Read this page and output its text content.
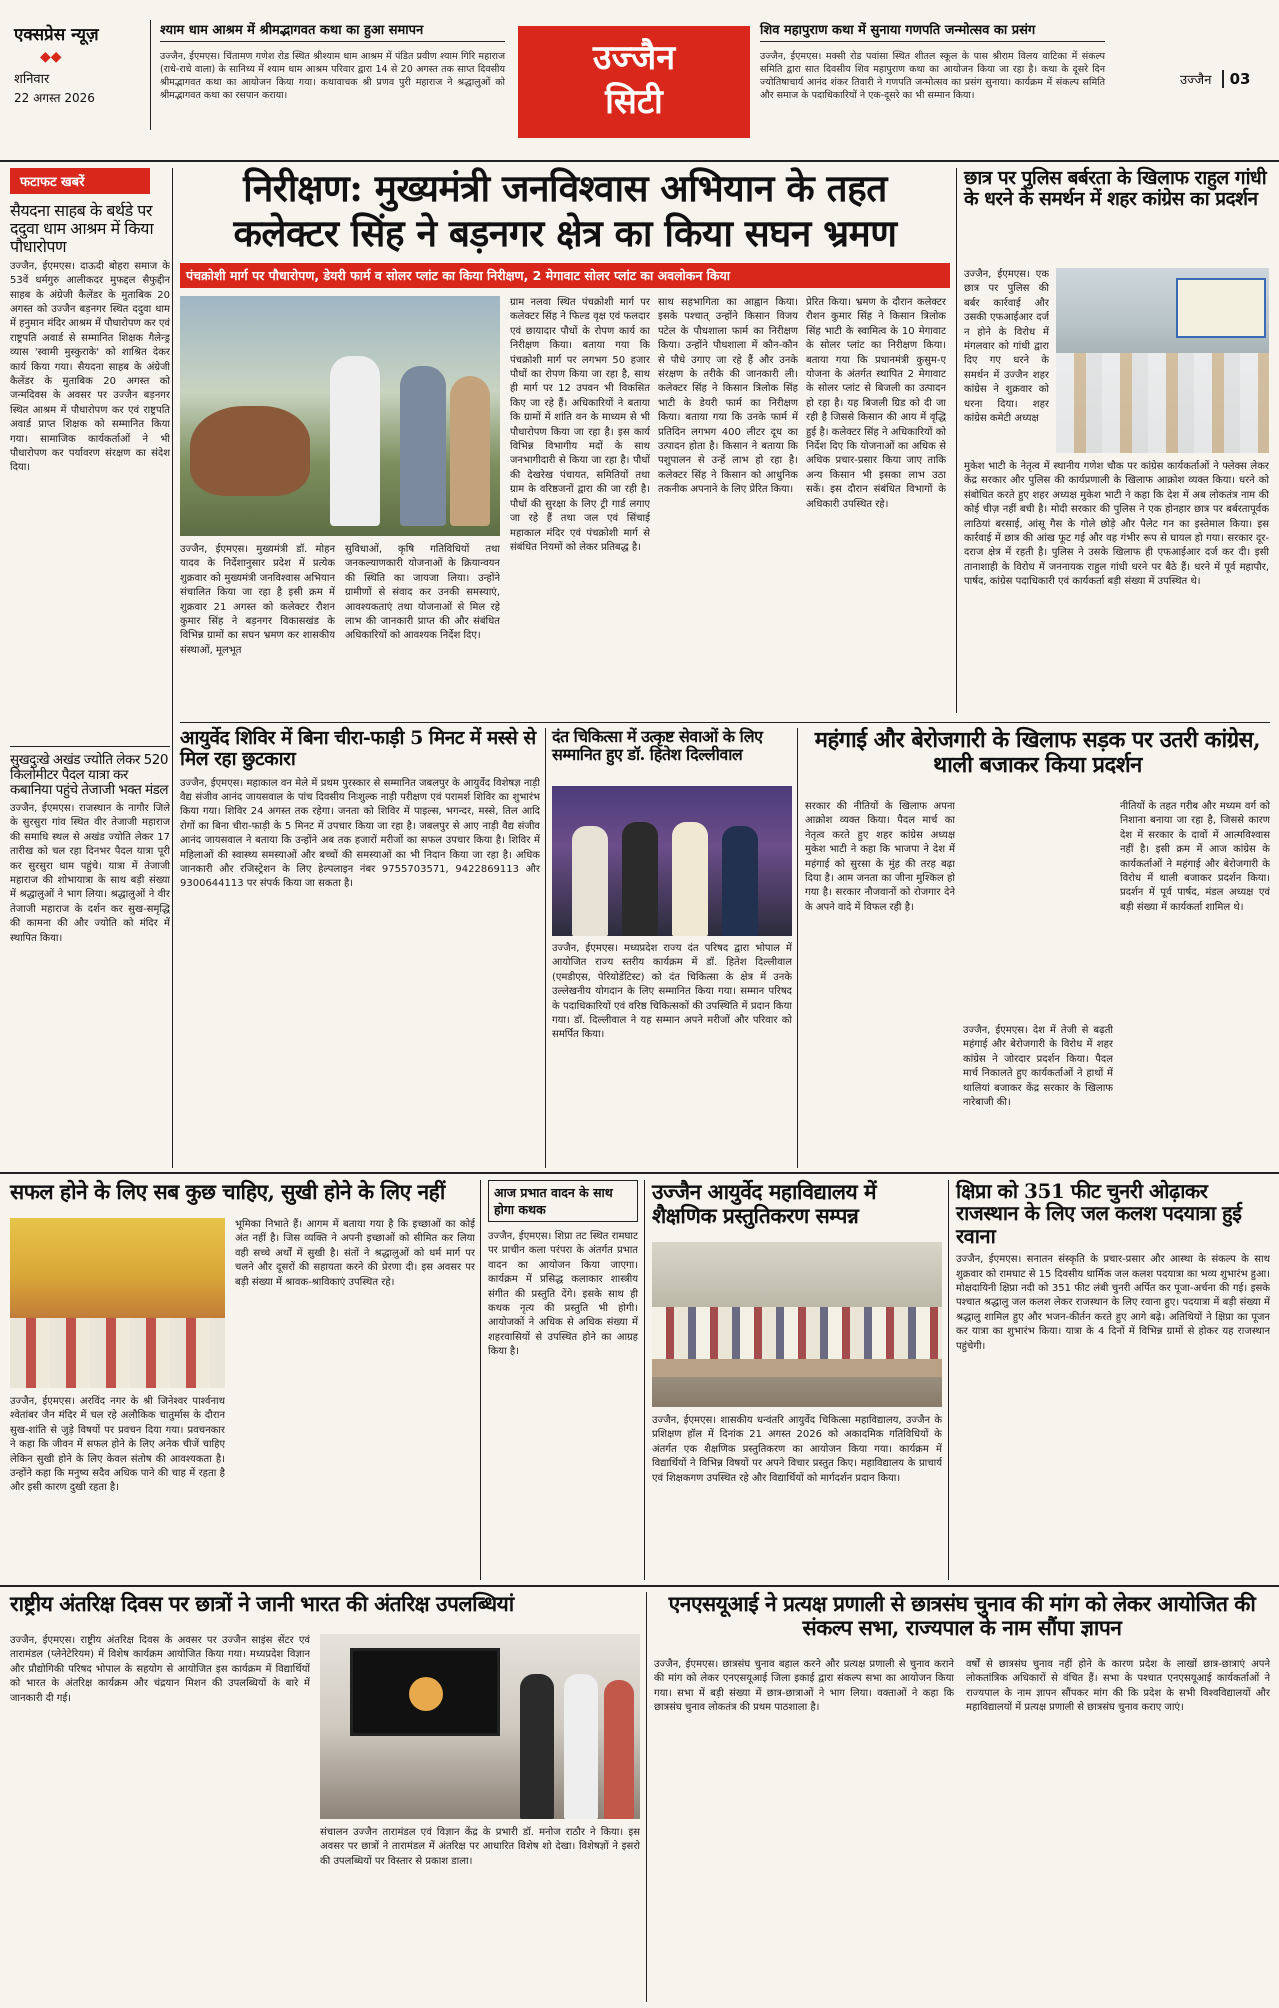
एक्सप्रेस न्यूज़
◆◆
शनिवार
22 अगस्त 2026
श्याम धाम आश्रम में श्रीमद्भागवत कथा का हुआ समापन
उज्जैन, ईएमएस। चिंतामण गणेश रोड स्थित श्रीश्याम धाम आश्रम में पंडित प्रवीण श्याम गिरि महाराज (राधे-राधे वाला) के सानिध्य में श्याम धाम आश्रम परिवार द्वारा 14 से 20 अगस्त तक साप्त दिवसीय श्रीमद्भागवत कथा का आयोजन किया गया। कथावाचक श्री प्रणव पुरी महाराज ने श्रद्धालुओं को श्रीमद्भागवत कथा का रसपान कराया।
उज्जैन
सिटी
शिव महापुराण कथा में सुनाया गणपति जन्मोत्सव का प्रसंग
उज्जैन, ईएमएस। मक्सी रोड पवांसा स्थित शीतल स्कूल के पास श्रीराम विलय वाटिका में संकल्प समिति द्वारा सात दिवसीय शिव महापुराण कथा का आयोजन किया जा रहा है। कथा के दूसरे दिन ज्योतिषाचार्य आनंद शंकर तिवारी ने गणपति जन्मोत्सव का प्रसंग सुनाया। कार्यक्रम में संकल्प समिति और समाज के पदाधिकारियों ने एक-दूसरे का भी सम्मान किया।
उज्जैन 03
फटाफट खबरें
सैयदना साहब के बर्थडे पर ददुवा धाम आश्रम में किया पौधारोपण
उज्जैन, ईएमएस। दाऊदी बोहरा समाज के 53वें धर्मगुरु आलीकदर मुफद्दल सैफुद्दीन साहब के अंग्रेजी कैलेंडर के मुताबिक 20 अगस्त को उज्जैन बड़नगर स्थित ददुवा धाम में हनुमान मंदिर आश्रम में पौधारोपण कर एवं राष्ट्रपति अवार्ड से सम्मानित शिक्षक गैलेन्ड्र व्यास 'स्वामी मुस्कुराके' को शाश्रित देकर कार्य किया गया। सैयदना साहब के अंग्रेजी कैलेंडर के मुताबिक 20 अगस्त को जन्मदिवस के अवसर पर उज्जैन बड़नगर स्थित आश्रम में पौधारोपण कर एवं राष्ट्रपति अवार्ड प्राप्त शिक्षक को सम्मानित किया गया। सामाजिक कार्यकर्ताओं ने भी पौधारोपण कर पर्यावरण संरक्षण का संदेश दिया।
सुखदुःखे अखंड ज्योति लेकर 520 किलोमीटर पैदल यात्रा कर कबानिया पहुंचे तेजाजी भक्त मंडल
उज्जैन, ईएमएस। राजस्थान के नागौर जिले के सुरसुरा गांव स्थित वीर तेजाजी महाराज की समाधि स्थल से अखंड ज्योति लेकर 17 तारीख को चल रहा दिनभर पैदल यात्रा पूरी कर सुरसुरा धाम पहुंचे। यात्रा में तेजाजी महाराज की शोभायात्रा के साथ बड़ी संख्या में श्रद्धालुओं ने भाग लिया। श्रद्धालुओं ने वीर तेजाजी महाराज के दर्शन कर सुख-समृद्धि की कामना की और ज्योति को मंदिर में स्थापित किया।
निरीक्षण: मुख्यमंत्री जनविश्वास अभियान के तहत
कलेक्टर सिंह ने बड़नगर क्षेत्र का किया सघन भ्रमण
पंचक्रोशी मार्ग पर पौधारोपण, डेयरी फार्म व सोलर प्लांट का किया निरीक्षण, 2 मेगावाट सोलर प्लांट का अवलोकन किया
उज्जैन, ईएमएस। मुख्यमंत्री डॉ. मोहन यादव के निर्देशानुसार प्रदेश में प्रत्येक शुक्रवार को मुख्यमंत्री जनविश्वास अभियान संचालित किया जा रहा है इसी क्रम में शुक्रवार 21 अगस्त को कलेक्टर रौशन कुमार सिंह ने बड़नगर विकासखंड के विभिन्न ग्रामों का सघन भ्रमण कर शासकीय संस्थाओं, मूलभूत
सुविधाओं, कृषि गतिविधियों तथा जनकल्याणकारी योजनाओं के क्रियान्वयन की स्थिति का जायजा लिया। उन्होंने ग्रामीणों से संवाद कर उनकी समस्याएं, आवश्यकताएं तथा योजनाओं से मिल रहे लाभ की जानकारी प्राप्त की और संबंधित अधिकारियों को आवश्यक निर्देश दिए।
ग्राम नलवा स्थित पंचक्रोशी मार्ग पर कलेक्टर सिंह ने फिल्ड वृक्ष एवं फलदार एवं छायादार पौधों के रोपण कार्य का निरीक्षण किया। बताया गया कि पंचक्रोशी मार्ग पर लगभग 50 हजार पौधों का रोपण किया जा रहा है, साथ ही मार्ग पर 12 उपवन भी विकसित किए जा रहे हैं। अधिकारियों ने बताया कि ग्रामों में शांति वन के माध्यम से भी पौधारोपण किया जा रहा है। इस कार्य विभिन्न विभागीय मदों के साथ जनभागीदारी से किया जा रहा है। पौधों की देखरेख पंचायत, समितियों तथा ग्राम के वरिष्ठजनों द्वारा की जा रही है। पौधों की सुरक्षा के लिए ट्री गार्ड लगाए जा रहे हैं तथा जल एवं सिंचाई महाकाल मंदिर एवं पंचक्रोशी मार्ग से संबंधित नियमों को लेकर प्रतिबद्ध है।
साथ सहभागिता का आह्वान किया। इसके पश्चात् उन्होंने किसान विजय पटेल के पौधशाला फार्म का निरीक्षण किया। उन्होंने पौधशाला में कौन-कौन से पौधे उगाए जा रहे हैं और उनके संरक्षण के तरीके की जानकारी ली। कलेक्टर सिंह ने किसान त्रिलोक सिंह भाटी के डेयरी फार्म का निरीक्षण किया। बताया गया कि उनके फार्म में प्रतिदिन लगभग 400 लीटर दूध का उत्पादन होता है। किसान ने बताया कि पशुपालन से उन्हें लाभ हो रहा है। कलेक्टर सिंह ने किसान को आधुनिक तकनीक अपनाने के लिए प्रेरित किया।
प्रेरित किया। भ्रमण के दौरान कलेक्टर रौशन कुमार सिंह ने किसान त्रिलोक सिंह भाटी के स्वामित्व के 10 मेगावाट के सोलर प्लांट का निरीक्षण किया। बताया गया कि प्रधानमंत्री कुसुम-ए योजना के अंतर्गत स्थापित 2 मेगावाट के सोलर प्लांट से बिजली का उत्पादन हो रहा है। यह बिजली ग्रिड को दी जा रही है जिससे किसान की आय में वृद्धि हुई है। कलेक्टर सिंह ने अधिकारियों को निर्देश दिए कि योजनाओं का अधिक से अधिक प्रचार-प्रसार किया जाए ताकि अन्य किसान भी इसका लाभ उठा सकें। इस दौरान संबंधित विभागों के अधिकारी उपस्थित रहे।
छात्र पर पुलिस बर्बरता के खिलाफ राहुल गांधी के धरने के समर्थन में शहर कांग्रेस का प्रदर्शन
उज्जैन, ईएमएस। एक छात्र पर पुलिस की बर्बर कार्रवाई और उसकी एफआईआर दर्ज न होने के विरोध में मंगलवार को गांधी द्वारा दिए गए धरने के समर्थन में उज्जैन शहर कांग्रेस ने शुक्रवार को धरना दिया। शहर कांग्रेस कमेटी अध्यक्ष
मुकेश भाटी के नेतृत्व में स्थानीय गणेश चौक पर कांग्रेस कार्यकर्ताओं ने फ्लेक्स लेकर केंद्र सरकार और पुलिस की कार्यप्रणाली के खिलाफ आक्रोश व्यक्त किया। धरने को संबोधित करते हुए शहर अध्यक्ष मुकेश भाटी ने कहा कि देश में अब लोकतंत्र नाम की कोई चीज़ नहीं बची है। मोदी सरकार की पुलिस ने एक होनहार छात्र पर बर्बरतापूर्वक लाठियां बरसाई, आंसू गैस के गोले छोड़े और पैलेट गन का इस्तेमाल किया। इस कार्रवाई में छात्र की आंख फूट गई और वह गंभीर रूप से घायल हो गया। सरकार दूर-दराज क्षेत्र में रहती है। पुलिस ने उसके खिलाफ ही एफआईआर दर्ज कर दी। इसी तानाशाही के विरोध में जननायक राहुल गांधी धरने पर बैठे हैं। धरने में पूर्व महापौर, पार्षद, कांग्रेस पदाधिकारी एवं कार्यकर्ता बड़ी संख्या में उपस्थित थे।
आयुर्वेद शिविर में बिना चीरा-फाड़ी 5 मिनट में मस्से से मिल रहा छुटकारा
उज्जैन, ईएमएस। महाकाल वन मेले में प्रथम पुरस्कार से सम्मानित जबलपुर के आयुर्वेद विशेषज्ञ नाड़ी वैद्य संजीव आनंद जायसवाल के पांच दिवसीय निःशुल्क नाड़ी परीक्षण एवं परामर्श शिविर का शुभारंभ किया गया। शिविर 24 अगस्त तक रहेगा। जनता को शिविर में पाइल्स, भगन्दर, मस्से, तिल आदि रोगों का बिना चीरा-फाड़ी के 5 मिनट में उपचार किया जा रहा है। जबलपुर से आए नाड़ी वैद्य संजीव आनंद जायसवाल ने बताया कि उन्होंने अब तक हजारों मरीजों का सफल उपचार किया है। शिविर में महिलाओं की स्वास्थ्य समस्याओं और बच्चों की समस्याओं का भी निदान किया जा रहा है। अधिक जानकारी और रजिस्ट्रेशन के लिए हेल्पलाइन नंबर 9755703571, 9422869113 और 9300644113 पर संपर्क किया जा सकता है।
दंत चिकित्सा में उत्कृष्ट सेवाओं के लिए सम्मानित हुए डॉ. हितेश दिल्लीवाल
उज्जैन, ईएमएस। मध्यप्रदेश राज्य दंत परिषद द्वारा भोपाल में आयोजित राज्य स्तरीय कार्यक्रम में डॉ. हितेश दिल्लीवाल (एमडीएस, पेरियोडेंटिस्ट) को दंत चिकित्सा के क्षेत्र में उनके उल्लेखनीय योगदान के लिए सम्मानित किया गया। सम्मान परिषद के पदाधिकारियों एवं वरिष्ठ चिकित्सकों की उपस्थिति में प्रदान किया गया। डॉ. दिल्लीवाल ने यह सम्मान अपने मरीजों और परिवार को समर्पित किया।
महंगाई और बेरोजगारी के खिलाफ सड़क पर उतरी कांग्रेस, थाली बजाकर किया प्रदर्शन
सरकार की नीतियों के खिलाफ अपना आक्रोश व्यक्त किया। पैदल मार्च का नेतृत्व करते हुए शहर कांग्रेस अध्यक्ष मुकेश भाटी ने कहा कि भाजपा ने देश में महंगाई को सुरसा के मुंह की तरह बढ़ा दिया है। आम जनता का जीना मुश्किल हो गया है। सरकार नौजवानों को रोजगार देने के अपने वादे में विफल रही है।
नीतियों के तहत गरीब और मध्यम वर्ग को निशाना बनाया जा रहा है, जिससे कारण देश में सरकार के दावों में आत्मविश्वास नहीं है। इसी क्रम में आज कांग्रेस के कार्यकर्ताओं ने महंगाई और बेरोजगारी के विरोध में थाली बजाकर प्रदर्शन किया। प्रदर्शन में पूर्व पार्षद, मंडल अध्यक्ष एवं बड़ी संख्या में कार्यकर्ता शामिल थे।
उज्जैन, ईएमएस। देश में तेजी से बढ़ती महंगाई और बेरोजगारी के विरोध में शहर कांग्रेस ने जोरदार प्रदर्शन किया। पैदल मार्च निकालते हुए कार्यकर्ताओं ने हाथों में थालियां बजाकर केंद्र सरकार के खिलाफ नारेबाजी की।
सफल होने के लिए सब कुछ चाहिए, सुखी होने के लिए नहीं
उज्जैन, ईएमएस। अरविंद नगर के श्री जिनेश्वर पार्श्वनाथ श्वेतांबर जैन मंदिर में चल रहे अलौकिक चातुर्मास के दौरान सुख-शांति से जुड़े विषयों पर प्रवचन दिया गया। प्रवचनकार ने कहा कि जीवन में सफल होने के लिए अनेक चीजें चाहिए लेकिन सुखी होने के लिए केवल संतोष की आवश्यकता है। उन्होंने कहा कि मनुष्य सदैव अधिक पाने की चाह में रहता है और इसी कारण दुखी रहता है।
भूमिका निभाते हैं। आगम में बताया गया है कि इच्छाओं का कोई अंत नहीं है। जिस व्यक्ति ने अपनी इच्छाओं को सीमित कर लिया वही सच्चे अर्थों में सुखी है। संतों ने श्रद्धालुओं को धर्म मार्ग पर चलने और दूसरों की सहायता करने की प्रेरणा दी। इस अवसर पर बड़ी संख्या में श्रावक-श्राविकाएं उपस्थित रहे।
आज प्रभात वादन के साथ होगा कथक
उज्जैन, ईएमएस। शिप्रा तट स्थित रामघाट पर प्राचीन कला परंपरा के अंतर्गत प्रभात वादन का आयोजन किया जाएगा। कार्यक्रम में प्रसिद्ध कलाकार शास्त्रीय संगीत की प्रस्तुति देंगे। इसके साथ ही कथक नृत्य की प्रस्तुति भी होगी। आयोजकों ने अधिक से अधिक संख्या में शहरवासियों से उपस्थित होने का आग्रह किया है।
उज्जैन आयुर्वेद महाविद्यालय में शैक्षणिक प्रस्तुतिकरण सम्पन्न
उज्जैन, ईएमएस। शासकीय धन्वंतरि आयुर्वेद चिकित्सा महाविद्यालय, उज्जैन के प्रशिक्षण हॉल में दिनांक 21 अगस्त 2026 को अकादमिक गतिविधियों के अंतर्गत एक शैक्षणिक प्रस्तुतिकरण का आयोजन किया गया। कार्यक्रम में विद्यार्थियों ने विभिन्न विषयों पर अपने विचार प्रस्तुत किए। महाविद्यालय के प्राचार्य एवं शिक्षकगण उपस्थित रहे और विद्यार्थियों को मार्गदर्शन प्रदान किया।
क्षिप्रा को 351 फीट चुनरी ओढ़ाकर राजस्थान के लिए जल कलश पदयात्रा हुई रवाना
उज्जैन, ईएमएस। सनातन संस्कृति के प्रचार-प्रसार और आस्था के संकल्प के साथ शुक्रवार को रामघाट से 15 दिवसीय धार्मिक जल कलश पदयात्रा का भव्य शुभारंभ हुआ। मोक्षदायिनी क्षिप्रा नदी को 351 फीट लंबी चुनरी अर्पित कर पूजा-अर्चना की गई। इसके पश्चात श्रद्धालु जल कलश लेकर राजस्थान के लिए रवाना हुए। पदयात्रा में बड़ी संख्या में श्रद्धालु शामिल हुए और भजन-कीर्तन करते हुए आगे बढ़े। अतिथियों ने क्षिप्रा का पूजन कर यात्रा का शुभारंभ किया। यात्रा के 4 दिनों में विभिन्न ग्रामों से होकर यह राजस्थान पहुंचेगी।
राष्ट्रीय अंतरिक्ष दिवस पर छात्रों ने जानी भारत की अंतरिक्ष उपलब्धियां
उज्जैन, ईएमएस। राष्ट्रीय अंतरिक्ष दिवस के अवसर पर उज्जैन साइंस सेंटर एवं तारामंडल (प्लेनेटेरियम) में विशेष कार्यक्रम आयोजित किया गया। मध्यप्रदेश विज्ञान और प्रौद्योगिकी परिषद भोपाल के सहयोग से आयोजित इस कार्यक्रम में विद्यार्थियों को भारत के अंतरिक्ष कार्यक्रम और चंद्रयान मिशन की उपलब्धियों के बारे में जानकारी दी गई।
संचालन उज्जैन तारामंडल एवं विज्ञान केंद्र के प्रभारी डॉ. मनोज राठौर ने किया। इस अवसर पर छात्रों ने तारामंडल में अंतरिक्ष पर आधारित विशेष शो देखा। विशेषज्ञों ने इसरो की उपलब्धियों पर विस्तार से प्रकाश डाला।
एनएसयूआई ने प्रत्यक्ष प्रणाली से छात्रसंघ चुनाव की मांग को लेकर आयोजित की संकल्प सभा, राज्यपाल के नाम सौंपा ज्ञापन
उज्जैन, ईएमएस। छात्रसंघ चुनाव बहाल करने और प्रत्यक्ष प्रणाली से चुनाव कराने की मांग को लेकर एनएसयूआई जिला इकाई द्वारा संकल्प सभा का आयोजन किया गया। सभा में बड़ी संख्या में छात्र-छात्राओं ने भाग लिया। वक्ताओं ने कहा कि छात्रसंघ चुनाव लोकतंत्र की प्रथम पाठशाला है।
वर्षों से छात्रसंघ चुनाव नहीं होने के कारण प्रदेश के लाखों छात्र-छात्राएं अपने लोकतांत्रिक अधिकारों से वंचित हैं। सभा के पश्चात एनएसयूआई कार्यकर्ताओं ने राज्यपाल के नाम ज्ञापन सौंपकर मांग की कि प्रदेश के सभी विश्वविद्यालयों और महाविद्यालयों में प्रत्यक्ष प्रणाली से छात्रसंघ चुनाव कराए जाएं।
